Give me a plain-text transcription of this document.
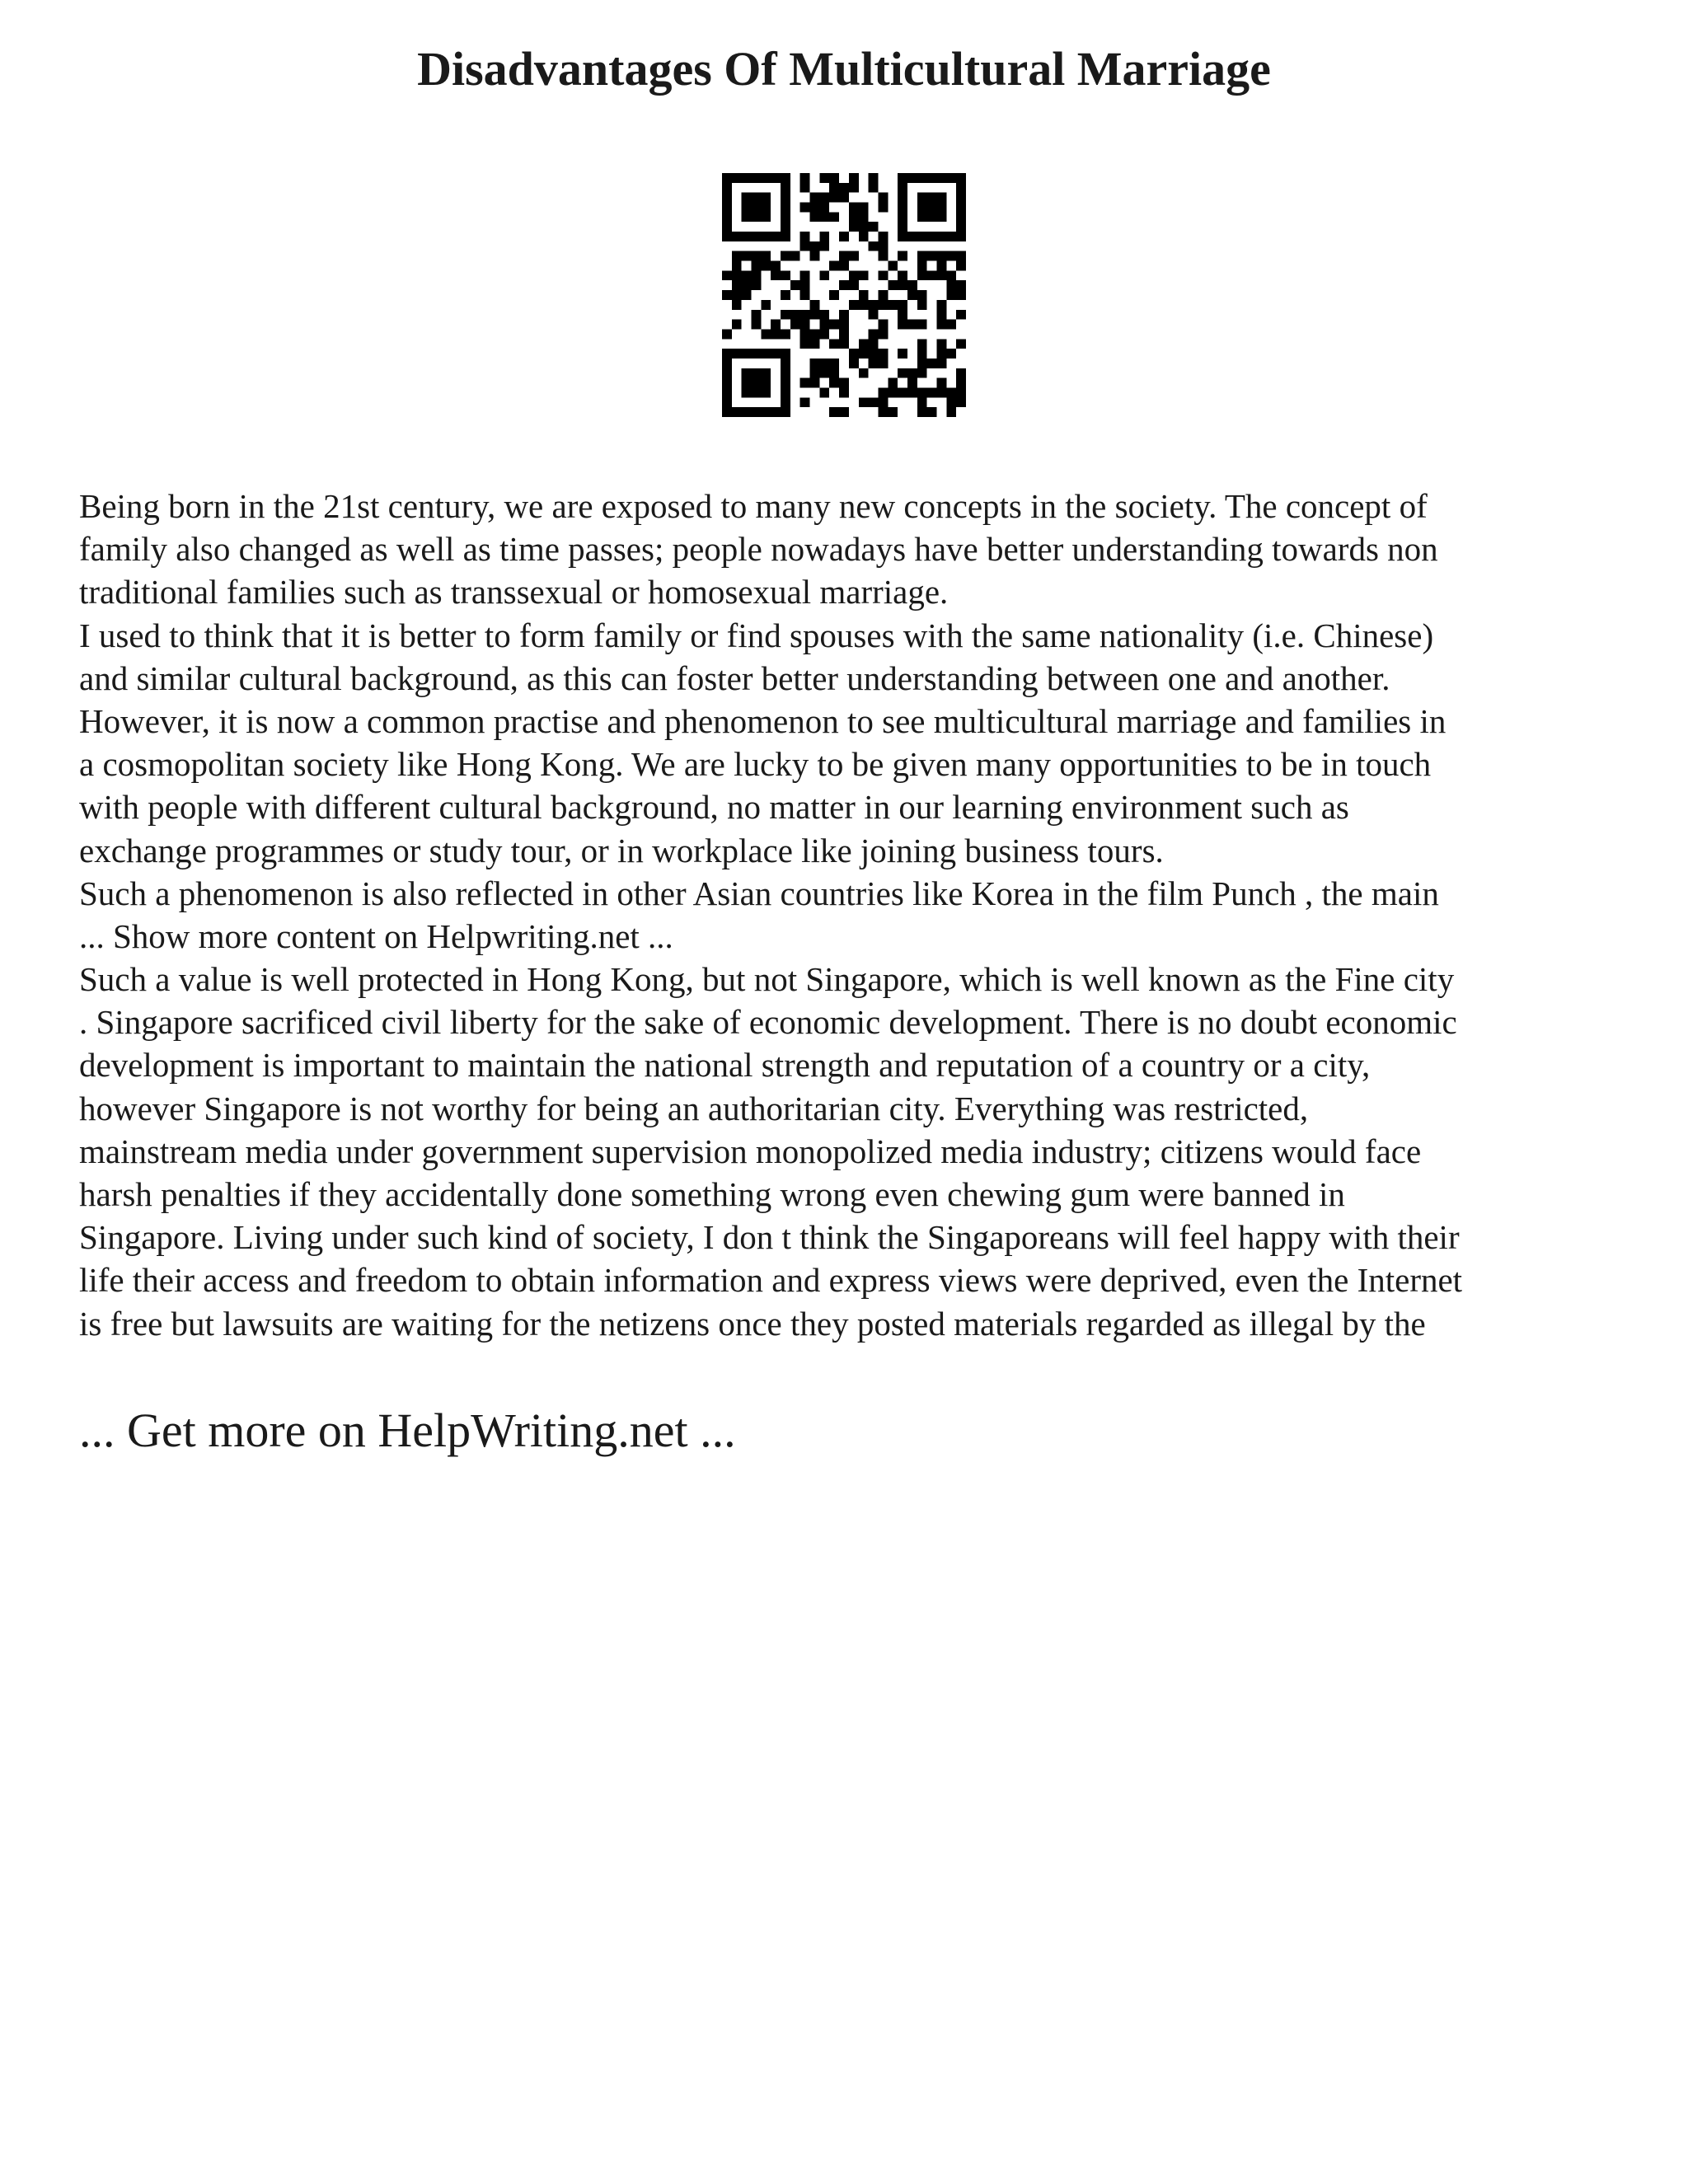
Disadvantages Of Multicultural Marriage
Being born in the 21st century, we are exposed to many new concepts in the society. The concept of
family also changed as well as time passes; people nowadays have better understanding towards non
traditional families such as transsexual or homosexual marriage.
I used to think that it is better to form family or find spouses with the same nationality (i.e. Chinese)
and similar cultural background, as this can foster better understanding between one and another.
However, it is now a common practise and phenomenon to see multicultural marriage and families in
a cosmopolitan society like Hong Kong. We are lucky to be given many opportunities to be in touch
with people with different cultural background, no matter in our learning environment such as
exchange programmes or study tour, or in workplace like joining business tours.
Such a phenomenon is also reflected in other Asian countries like Korea in the film Punch , the main
... Show more content on Helpwriting.net ...
Such a value is well protected in Hong Kong, but not Singapore, which is well known as the Fine city
. Singapore sacrificed civil liberty for the sake of economic development. There is no doubt economic
development is important to maintain the national strength and reputation of a country or a city,
however Singapore is not worthy for being an authoritarian city. Everything was restricted,
mainstream media under government supervision monopolized media industry; citizens would face
harsh penalties if they accidentally done something wrong even chewing gum were banned in
Singapore. Living under such kind of society, I don t think the Singaporeans will feel happy with their
life their access and freedom to obtain information and express views were deprived, even the Internet
is free but lawsuits are waiting for the netizens once they posted materials regarded as illegal by the
... Get more on HelpWriting.net ...
